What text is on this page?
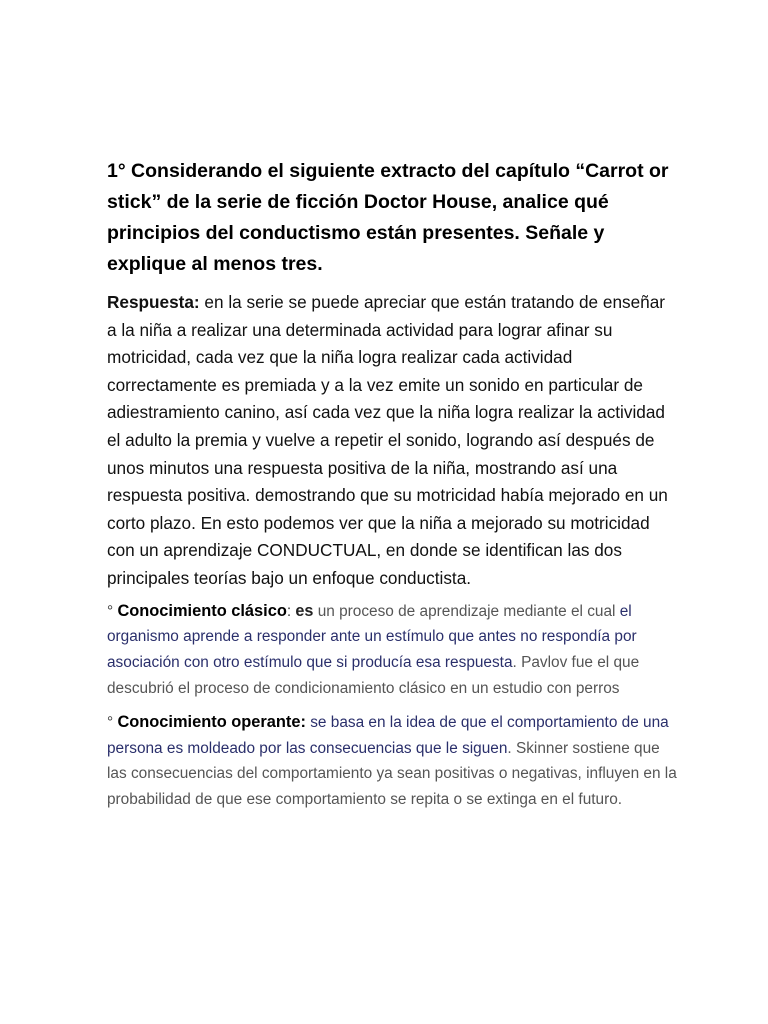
1° Considerando el siguiente extracto del capítulo “Carrot or stick” de la serie de ficción Doctor House, analice qué principios del conductismo están presentes. Señale y explique al menos tres.

Respuesta: en la serie se puede apreciar que están tratando de enseñar a la niña a realizar una determinada actividad para lograr afinar su motricidad, cada vez que la niña logra realizar cada actividad correctamente es premiada y a la vez emite un sonido en particular de adiestramiento canino, así cada vez que la niña logra realizar la actividad el adulto la premia y vuelve a repetir el sonido, logrando así después de unos minutos una respuesta positiva de la niña, mostrando así una respuesta positiva. demostrando que su motricidad había mejorado en un corto plazo. En esto podemos ver que la niña a mejorado su motricidad con un aprendizaje CONDUCTUAL, en donde se identifican las dos principales teorías bajo un enfoque conductista.

° Conocimiento clásico: es un proceso de aprendizaje mediante el cual el organismo aprende a responder ante un estímulo que antes no respondía por asociación con otro estímulo que si producía esa respuesta. Pavlov fue el que descubrió el proceso de condicionamiento clásico en un estudio con perros

° Conocimiento operante: se basa en la idea de que el comportamiento de una persona es moldeado por las consecuencias que le siguen. Skinner sostiene que las consecuencias del comportamiento ya sean positivas o negativas, influyen en la probabilidad de que ese comportamiento se repita o se extinga en el futuro.
